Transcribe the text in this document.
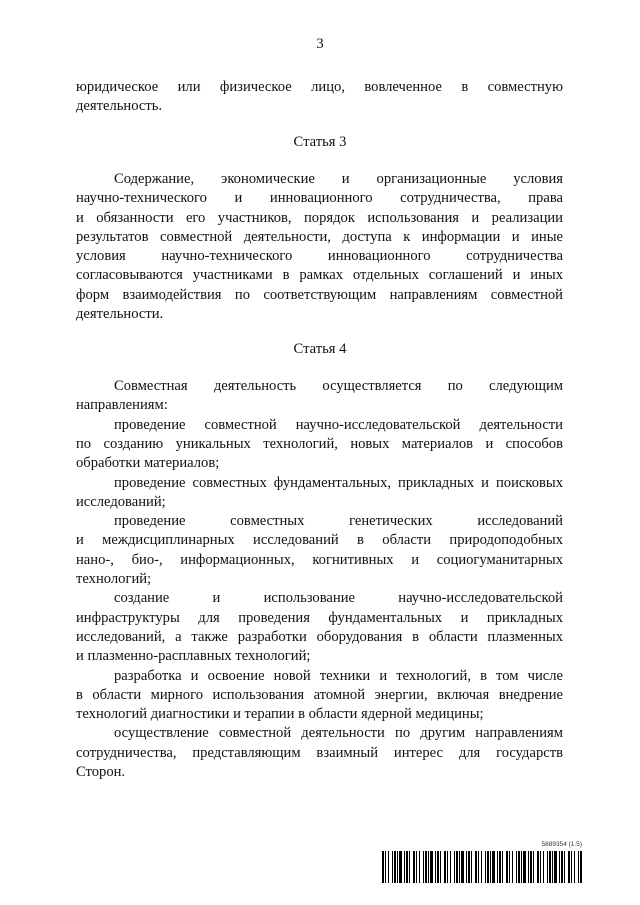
3
юридическое или физическое лицо, вовлеченное в совместную
деятельность.
Статья 3
Содержание, экономические и организационные условия
научно-технического и инновационного сотрудничества, права
и обязанности его участников, порядок использования и реализации
результатов совместной деятельности, доступа к информации и иные
условия научно-технического инновационного сотрудничества
согласовываются участниками в рамках отдельных соглашений и иных
форм взаимодействия по соответствующим направлениям совместной
деятельности.
Статья 4
Совместная деятельность осуществляется по следующим
направлениям:
проведение совместной научно-исследовательской деятельности
по созданию уникальных технологий, новых материалов и способов
обработки материалов;
проведение совместных фундаментальных, прикладных и поисковых
исследований;
проведение совместных генетических исследований
и междисциплинарных исследований в области природоподобных
нано-, био-, информационных, когнитивных и социогуманитарных
технологий;
создание и использование научно-исследовательской
инфраструктуры для проведения фундаментальных и прикладных
исследований, а также разработки оборудования в области плазменных
и плазменно-расплавных технологий;
разработка и освоение новой техники и технологий, в том числе
в области мирного использования атомной энергии, включая внедрение
технологий диагностики и терапии в области ядерной медицины;
осуществление совместной деятельности по другим направлениям
сотрудничества, представляющим взаимный интерес для государств
Сторон.
5889354 (1.5)
